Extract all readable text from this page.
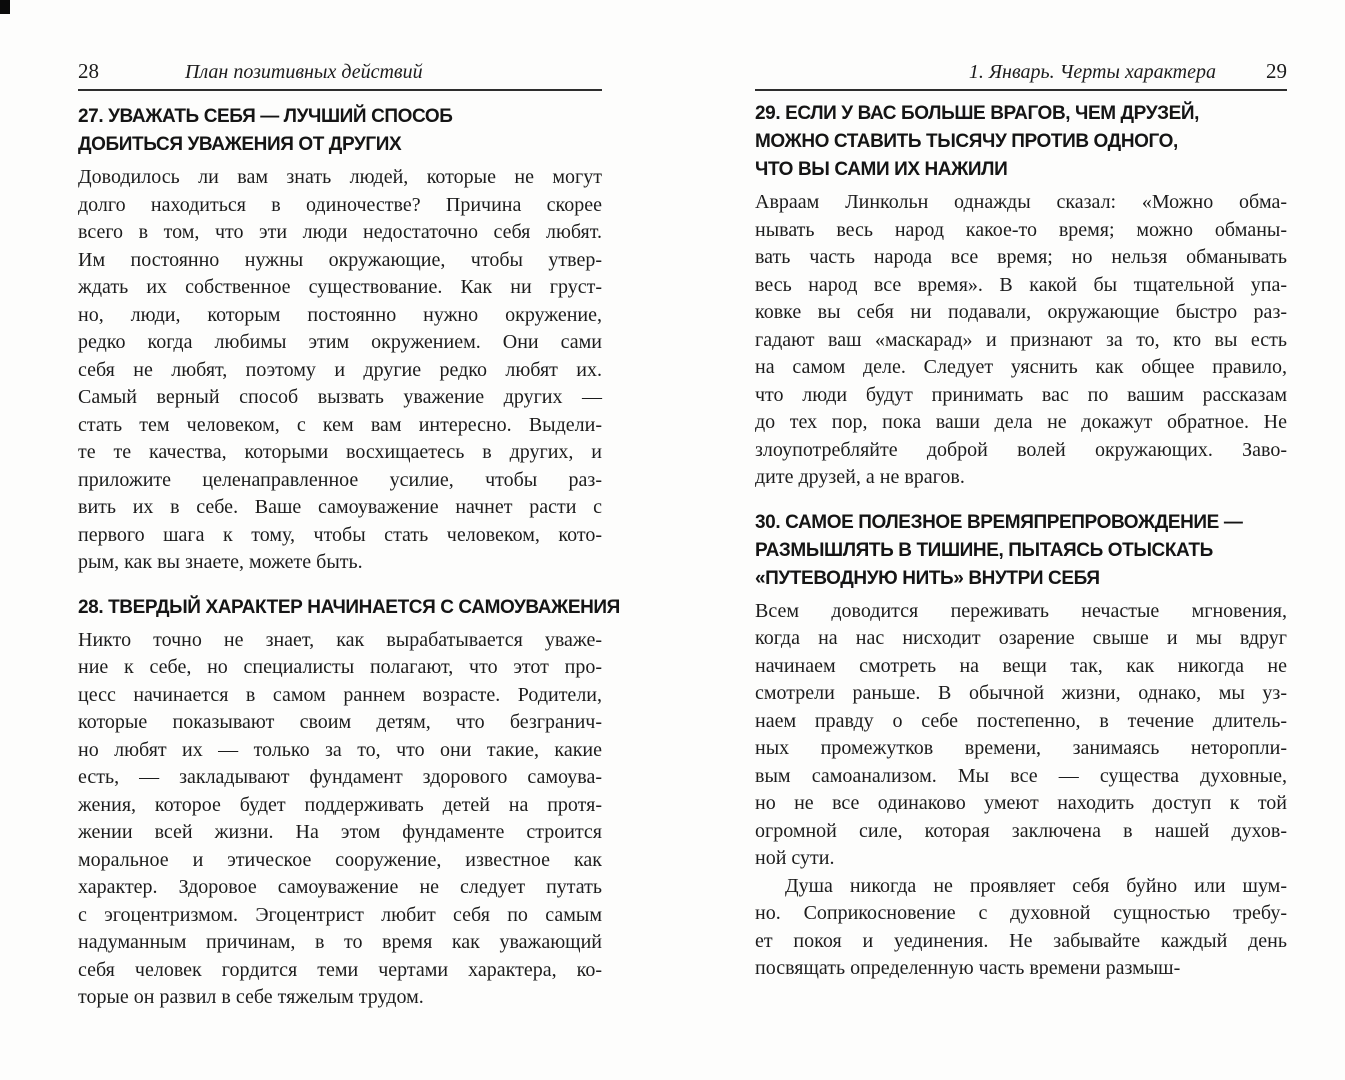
28	План позитивных действий
27. УВАЖАТЬ СЕБЯ — ЛУЧШИЙ СПОСОБ
ДОБИТЬСЯ УВАЖЕНИЯ ОТ ДРУГИХ
Доводилось ли вам знать людей, которые не могут
долго находиться в одиночестве? Причина скорее
всего в том, что эти люди недостаточно себя любят.
Им постоянно нужны окружающие, чтобы утвер-
ждать их собственное существование. Как ни груст-
но, люди, которым постоянно нужно окружение,
редко когда любимы этим окружением. Они сами
себя не любят, поэтому и другие редко любят их.
Самый верный способ вызвать уважение других —
стать тем человеком, с кем вам интересно. Выдели-
те те качества, которыми восхищаетесь в других, и
приложите целенаправленное усилие, чтобы раз-
вить их в себе. Ваше самоуважение начнет расти с
первого шага к тому, чтобы стать человеком, кото-
рым, как вы знаете, можете быть.
28. ТВЕРДЫЙ ХАРАКТЕР НАЧИНАЕТСЯ С САМОУВАЖЕНИЯ
Никто точно не знает, как вырабатывается уваже-
ние к себе, но специалисты полагают, что этот про-
цесс начинается в самом раннем возрасте. Родители,
которые показывают своим детям, что безгранич-
но любят их — только за то, что они такие, какие
есть, — закладывают фундамент здорового самоува-
жения, которое будет поддерживать детей на протя-
жении всей жизни. На этом фундаменте строится
моральное и этическое сооружение, известное как
характер. Здоровое самоуважение не следует путать
с эгоцентризмом. Эгоцентрист любит себя по самым
надуманным причинам, в то время как уважающий
себя человек гордится теми чертами характера, ко-
торые он развил в себе тяжелым трудом.
1. Январь. Черты характера 29
29. ЕСЛИ У ВАС БОЛЬШЕ ВРАГОВ, ЧЕМ ДРУЗЕЙ,
МОЖНО СТАВИТЬ ТЫСЯЧУ ПРОТИВ ОДНОГО,
ЧТО ВЫ САМИ ИХ НАЖИЛИ
Авраам Линкольн однажды сказал: «Можно обма-
нывать весь народ какое-то время; можно обманы-
вать часть народа все время; но нельзя обманывать
весь народ все время». В какой бы тщательной упа-
ковке вы себя ни подавали, окружающие быстро раз-
гадают ваш «маскарад» и признают за то, кто вы есть
на самом деле. Следует уяснить как общее правило,
что люди будут принимать вас по вашим рассказам
до тех пор, пока ваши дела не докажут обратное. Не
злоупотребляйте доброй волей окружающих. Заво-
дите друзей, а не врагов.
30. САМОЕ ПОЛЕЗНОЕ ВРЕМЯПРЕПРОВОЖДЕНИЕ —
РАЗМЫШЛЯТЬ В ТИШИНЕ, ПЫТАЯСЬ ОТЫСКАТЬ
«ПУТЕВОДНУЮ НИТЬ» ВНУТРИ СЕБЯ
Всем доводится переживать нечастые мгновения,
когда на нас нисходит озарение свыше и мы вдруг
начинаем смотреть на вещи так, как никогда не
смотрели раньше. В обычной жизни, однако, мы уз-
наем правду о себе постепенно, в течение длитель-
ных промежутков времени, занимаясь неторопли-
вым самоанализом. Мы все — существа духовные,
но не все одинаково умеют находить доступ к той
огромной силе, которая заключена в нашей духов-
ной сути.
Душа никогда не проявляет себя буйно или шум-
но. Соприкосновение с духовной сущностью требу-
ет покоя и уединения. Не забывайте каждый день
посвящать определенную часть времени размыш-
